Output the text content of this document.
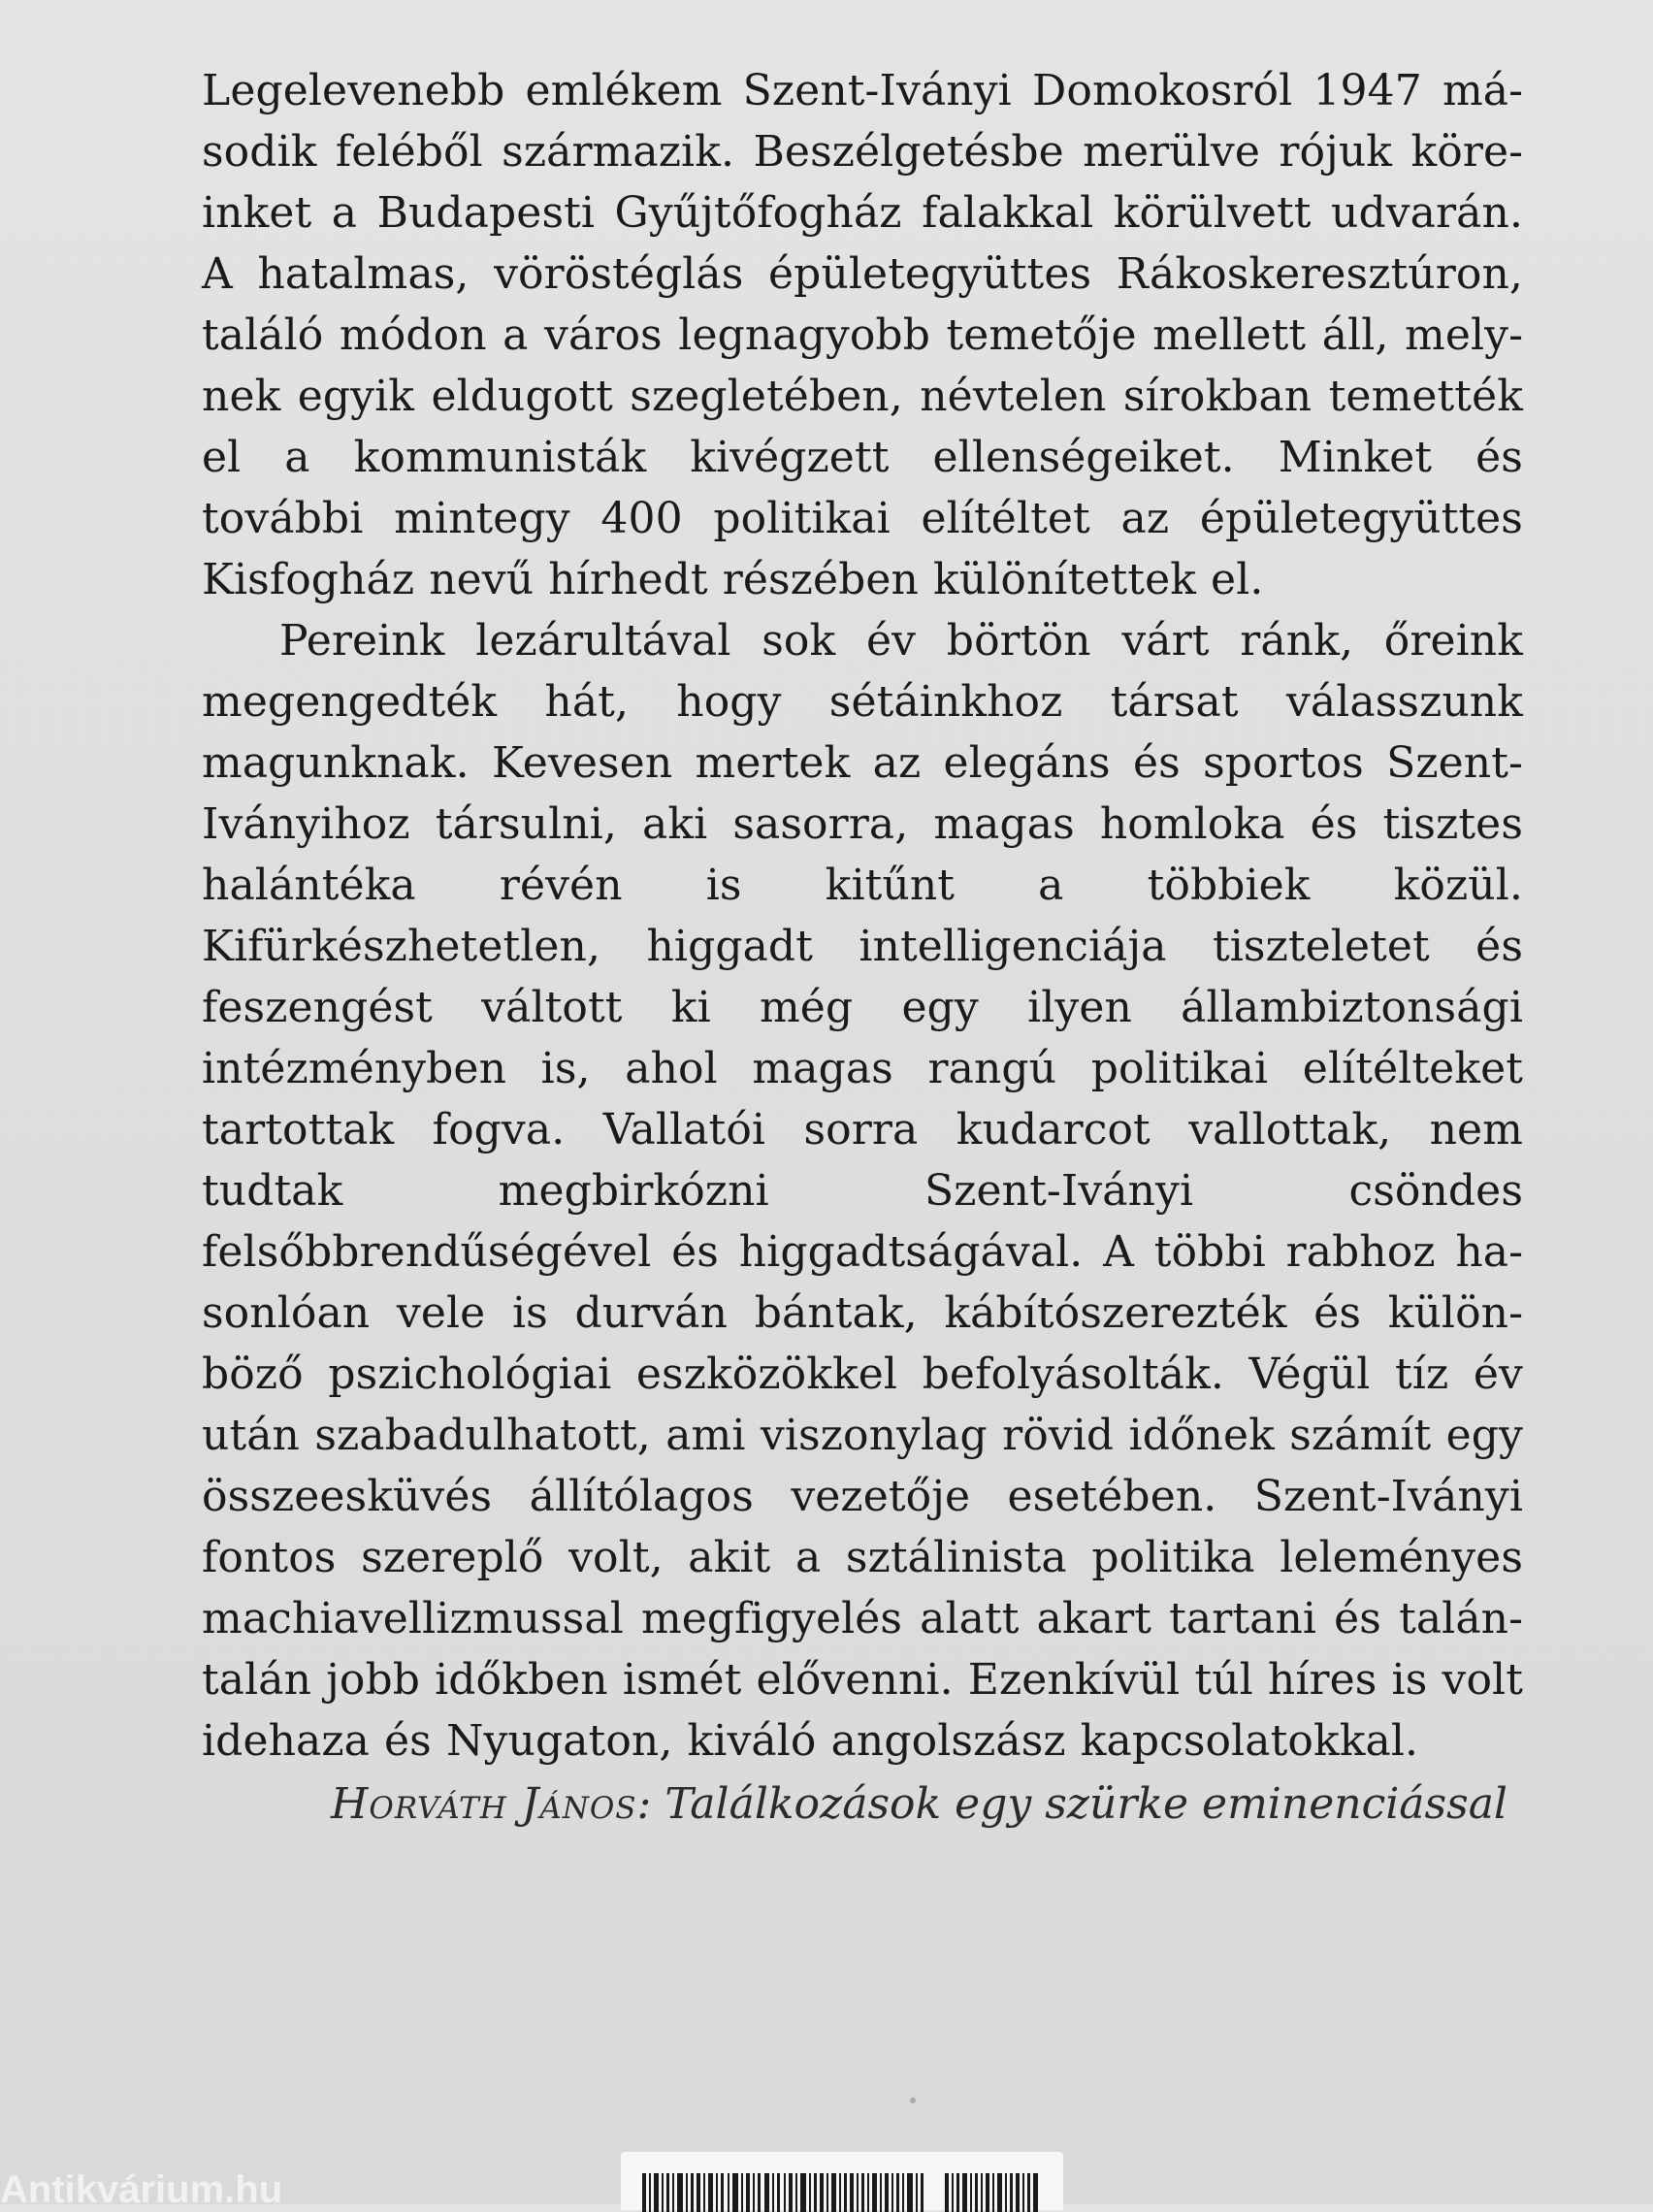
Legelevenebb emlékem Szent-Iványi Domokosról 1947 második feléből származik. Beszélgetésbe merülve rójuk köreinket a Budapesti Gyűjtőfogház falakkal körülvett udvarán. A hatalmas, vöröstéglás épületegyüttes Rákoskeresztúron, találó módon a város legnagyobb temetője mellett áll, melynek egyik eldugott szegletében, névtelen sírokban temették el a kommunisták kivégzett ellenségeiket. Minket és további mintegy 400 politikai elítéltet az épületegyüttes Kisfogház nevű hírhedt részében különítettek el.

Pereink lezárultával sok év börtön várt ránk, őreink megengedték hát, hogy sétáinkhoz társat válasszunk magunknak. Kevesen mertek az elegáns és sportos Szent-Iványihoz társulni, aki sasorra, magas homloka és tisztes halántéka révén is kitűnt a többiek közül. Kifürkészhetetlen, higgadt intelligenciája tiszteletet és feszengést váltott ki még egy ilyen állambiztonsági intézményben is, ahol magas rangú politikai elítélteket tartottak fogva. Vallatói sorra kudarcot vallottak, nem tudtak megbirkózni Szent-Iványi csöndes felsőbbrendűségével és higgadtságával. A többi rabhoz hasonlóan vele is durván bántak, kábítószerezték és különböző pszichológiai eszközökkel befolyásolták. Végül tíz év után szabadulhatott, ami viszonylag rövid időnek számít egy összeesküvés állítólagos vezetője esetében. Szent-Iványi fontos szereplő volt, akit a sztálinista politika leleményes machiavellizmussal megfigyelés alatt akart tartani és talántalán jobb időkben ismét elővenni. Ezenkívül túl híres is volt idehaza és Nyugaton, kiváló angolszász kapcsolatokkal.

Horváth János: Találkozások egy szürke eminenciással
Antikvárium.hu
